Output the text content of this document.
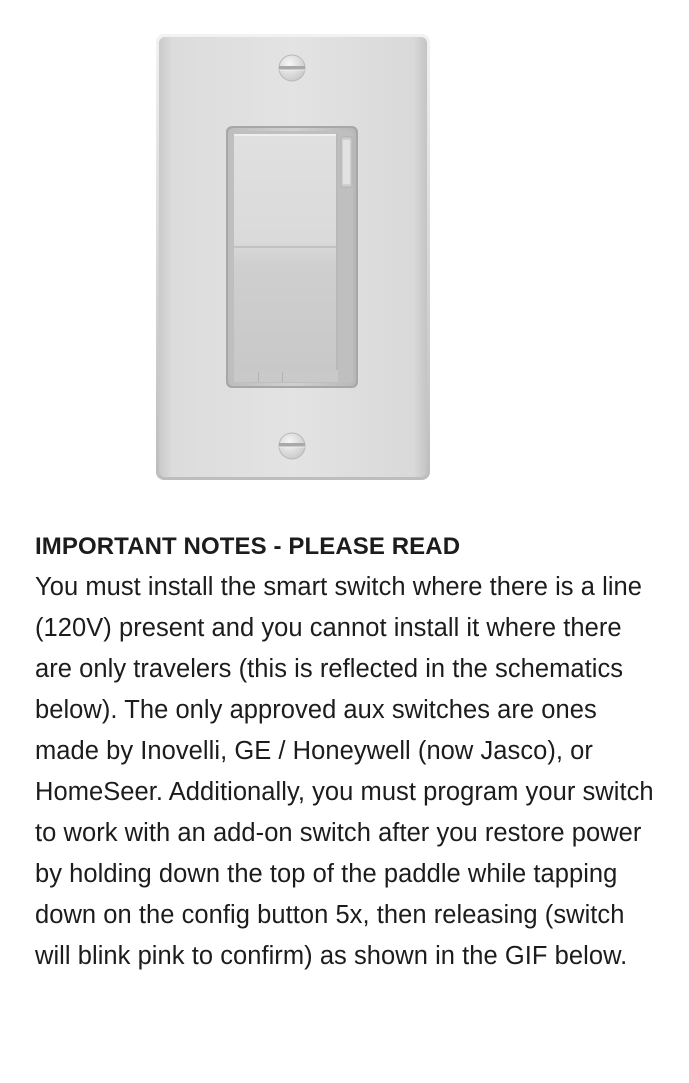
IMPORTANT NOTES - PLEASE READ

You must install the smart switch where there is a line (120V) present and you cannot install it where there are only travelers (this is reflected in the schematics below). The only approved aux switches are ones made by Inovelli, GE / Honeywell (now Jasco), or HomeSeer. Additionally, you must program your switch to work with an add-on switch after you restore power by holding down the top of the paddle while tapping down on the config button 5x, then releasing (switch will blink pink to confirm) as shown in the GIF below.
